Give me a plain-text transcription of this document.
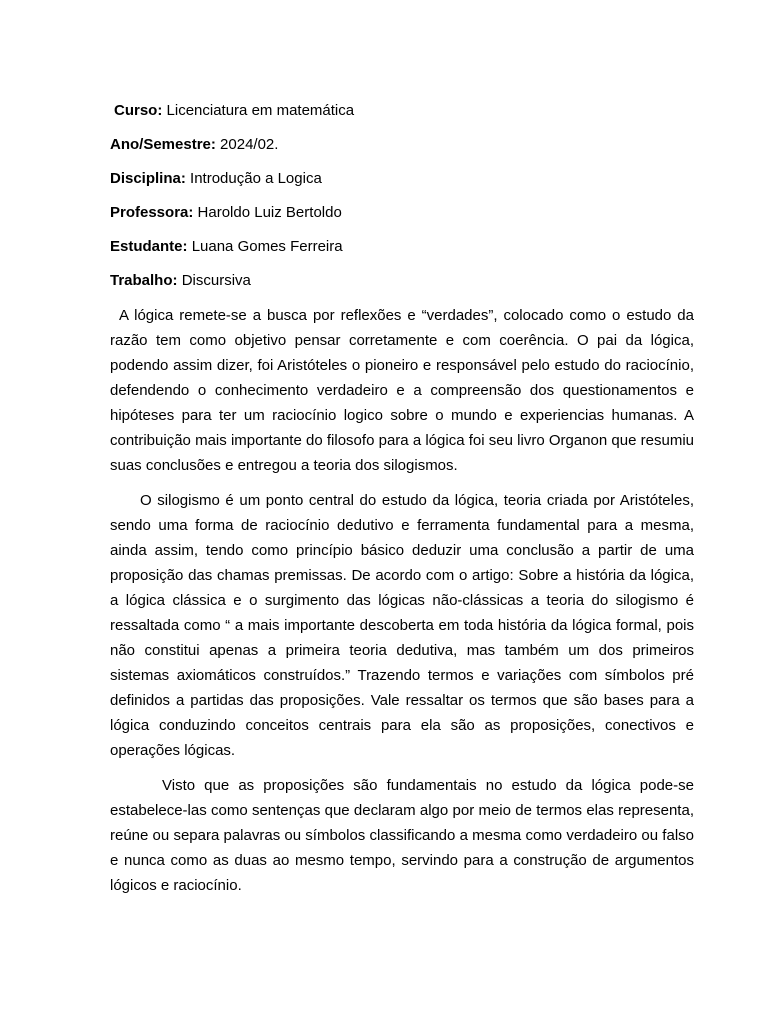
Curso: Licenciatura em matemática
Ano/Semestre: 2024/02.
Disciplina: Introdução a Logica
Professora: Haroldo Luiz Bertoldo
Estudante: Luana Gomes Ferreira
Trabalho: Discursiva

A lógica remete-se a busca por reflexões e “verdades”, colocado como o estudo da razão tem como objetivo pensar corretamente e com coerência. O pai da lógica, podendo assim dizer, foi Aristóteles o pioneiro e responsável pelo estudo do raciocínio, defendendo o conhecimento verdadeiro e a compreensão dos questionamentos e hipóteses para ter um raciocínio logico sobre o mundo e experiencias humanas. A contribuição mais importante do filosofo para a lógica foi seu livro Organon que resumiu suas conclusões e entregou a teoria dos silogismos.

O silogismo é um ponto central do estudo da lógica, teoria criada por Aristóteles, sendo uma forma de raciocínio dedutivo e ferramenta fundamental para a mesma, ainda assim, tendo como princípio básico deduzir uma conclusão a partir de uma proposição das chamas premissas. De acordo com o artigo: Sobre a história da lógica, a lógica clássica e o surgimento das lógicas não-clássicas a teoria do silogismo é ressaltada como “ a mais importante descoberta em toda história da lógica formal, pois não constitui apenas a primeira teoria dedutiva, mas também um dos primeiros sistemas axiomáticos construídos.” Trazendo termos e variações com símbolos pré definidos a partidas das proposições. Vale ressaltar os termos que são bases para a lógica conduzindo conceitos centrais para ela são as proposições, conectivos e operações lógicas.

Visto que as proposições são fundamentais no estudo da lógica pode-se estabelece-las como sentenças que declaram algo por meio de termos elas representa, reúne ou separa palavras ou símbolos classificando a mesma como verdadeiro ou falso e nunca como as duas ao mesmo tempo, servindo para a construção de argumentos lógicos e raciocínio.
